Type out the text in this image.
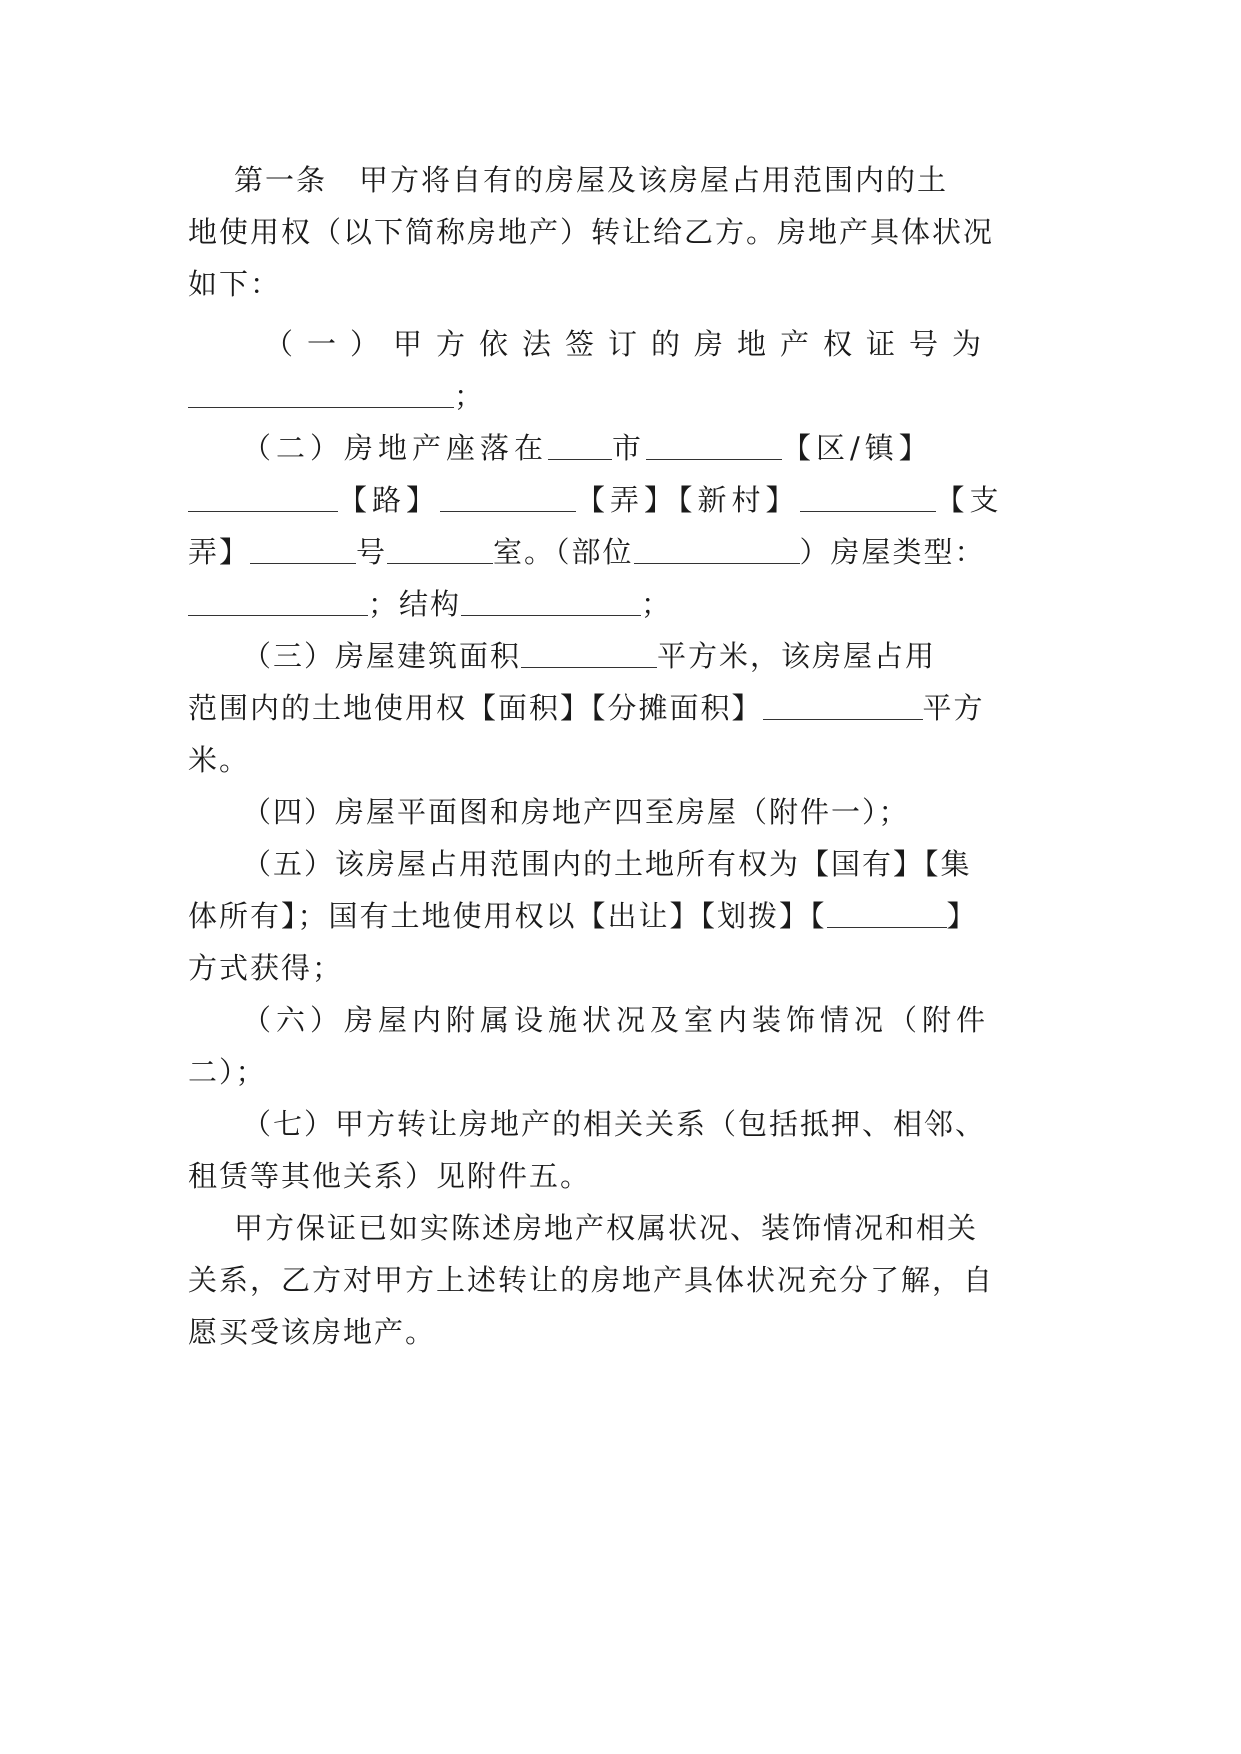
第一条 甲方将自有的房屋及该房屋占用范围内的土
地使用权（以下简称房地产）转让给乙方。房地产具体状况
如下：
（一）甲方依法签订的房地产权证号为
；
（二）房地产座落在 市	【区/镇】
【路】	【弄】【新村】	【支
弄】	号	室。（部位	）房屋类型：
；结构	；
（三）房屋建筑面积	平方米，该房屋占用
范围内的土地使用权【面积】【分摊面积】	平方
米。
（四）房屋平面图和房地产四至房屋（附件一）；
（五）该房屋占用范围内的土地所有权为【国有】【集
体所有】；国有土地使用权以【出让】【划拨】【	】
方式获得；
（六）房屋内附属设施状况及室内装饰情况（附件
二）；
（七）甲方转让房地产的相关关系（包括抵押、相邻、
租赁等其他关系）见附件五。
甲方保证已如实陈述房地产权属状况、装饰情况和相关
关系，乙方对甲方上述转让的房地产具体状况充分了解，自
愿买受该房地产。
